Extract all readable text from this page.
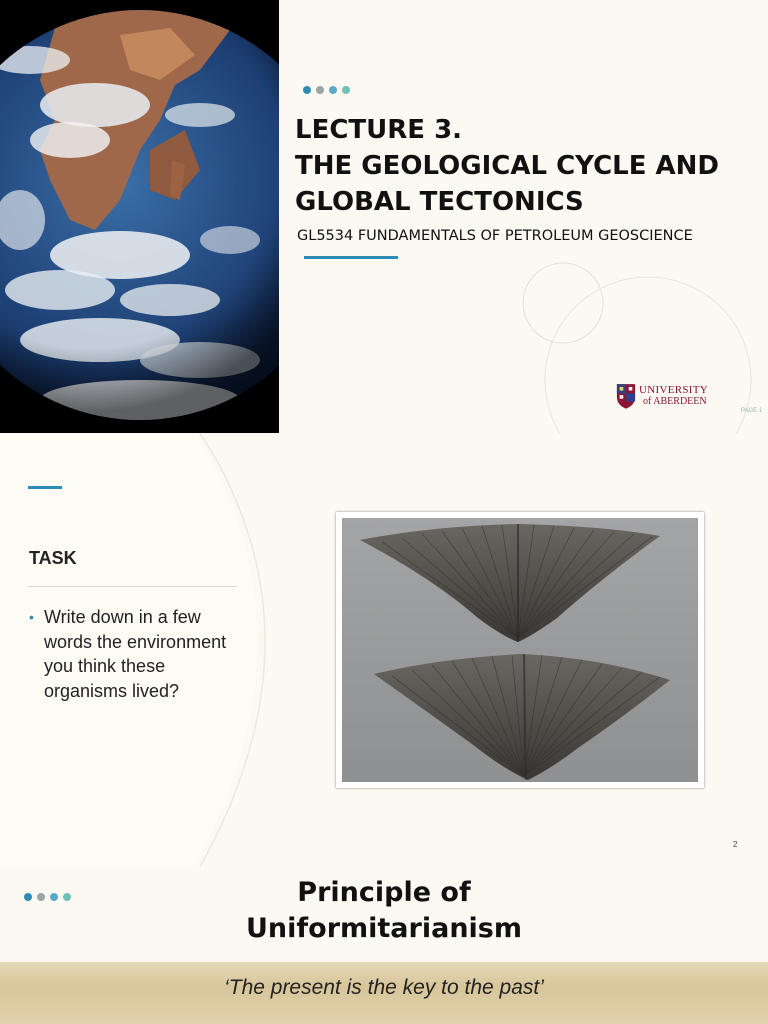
LECTURE 3.
THE GEOLOGICAL CYCLE AND
GLOBAL TECTONICS
GL5534 FUNDAMENTALS OF PETROLEUM GEOSCIENCE
UNIVERSITY
of ABERDEEN
PAGE 1
TASK
• Write down in a few words the environment you think these organisms lived?
2
Principle of
Uniformitarianism
‘The present is the key to the past’
